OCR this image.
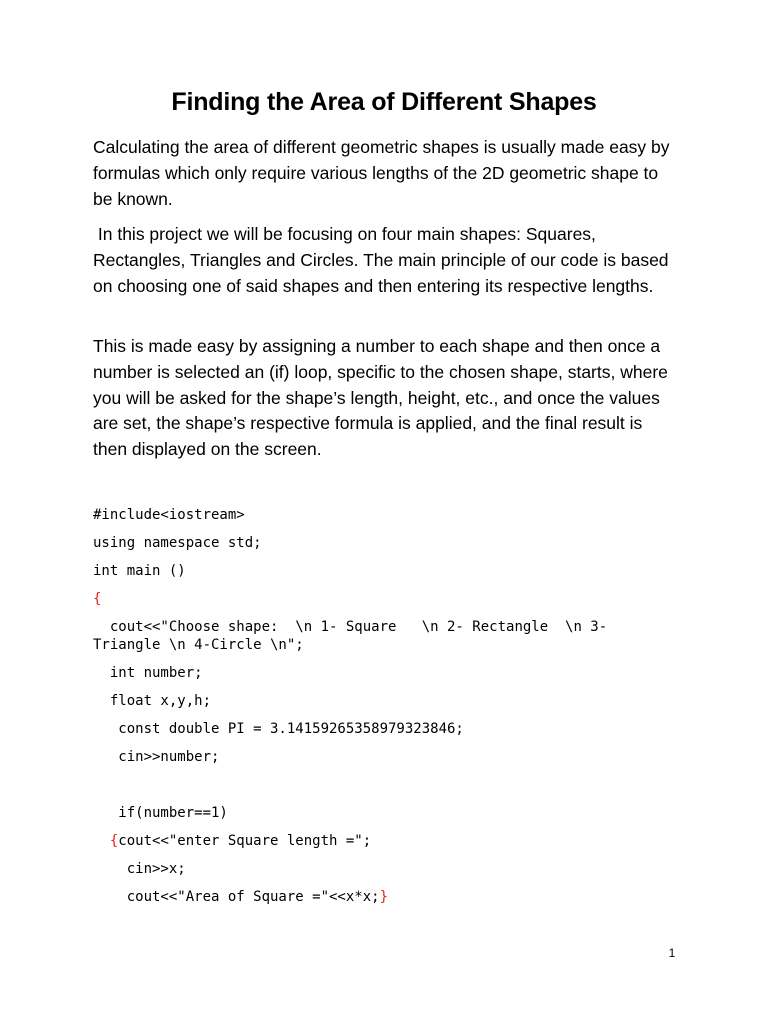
Finding the Area of Different Shapes

Calculating the area of different geometric shapes is usually made easy by formulas which only require various lengths of the 2D geometric shape to be known.

In this project we will be focusing on four main shapes: Squares, Rectangles, Triangles and Circles. The main principle of our code is based on choosing one of said shapes and then entering its respective lengths.

This is made easy by assigning a number to each shape and then once a number is selected an (if) loop, specific to the chosen shape, starts, where you will be asked for the shape’s length, height, etc., and once the values are set, the shape’s respective formula is applied, and the final result is then displayed on the screen.

#include<iostream>
using namespace std;
int main ()
{
cout<<"Choose shape:  \n 1- Square   \n 2- Rectangle  \n 3-Triangle \n 4-Circle \n";
int number;
float x,y,h;
const double PI = 3.14159265358979323846;
cin>>number;
if(number==1)
{cout<<"enter Square length =";
cin>>x;
cout<<"Area of Square ="<<x*x;}
1
